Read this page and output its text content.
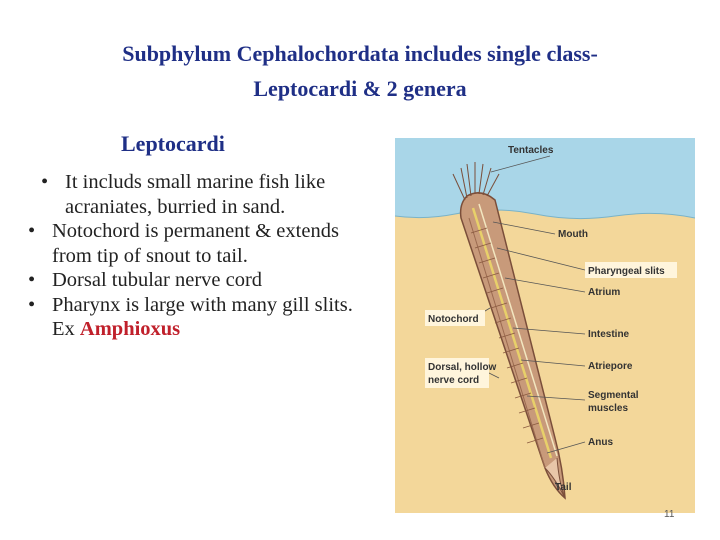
Subphylum Cephalochordata includes single class-
Leptocardi & 2 genera
Leptocardi
• It includs small marine fish like acraniates, burried in sand.
• Notochord is permanent & extends from tip of snout to tail.
• Dorsal tubular nerve cord
• Pharynx is large with many gill slits. Ex Amphioxus
Tentacles
Mouth
Pharyngeal slits
Atrium
Notochord
Intestine
Dorsal, hollow
nerve cord
Atriepore
Segmental
muscles
Anus
Tail
11
